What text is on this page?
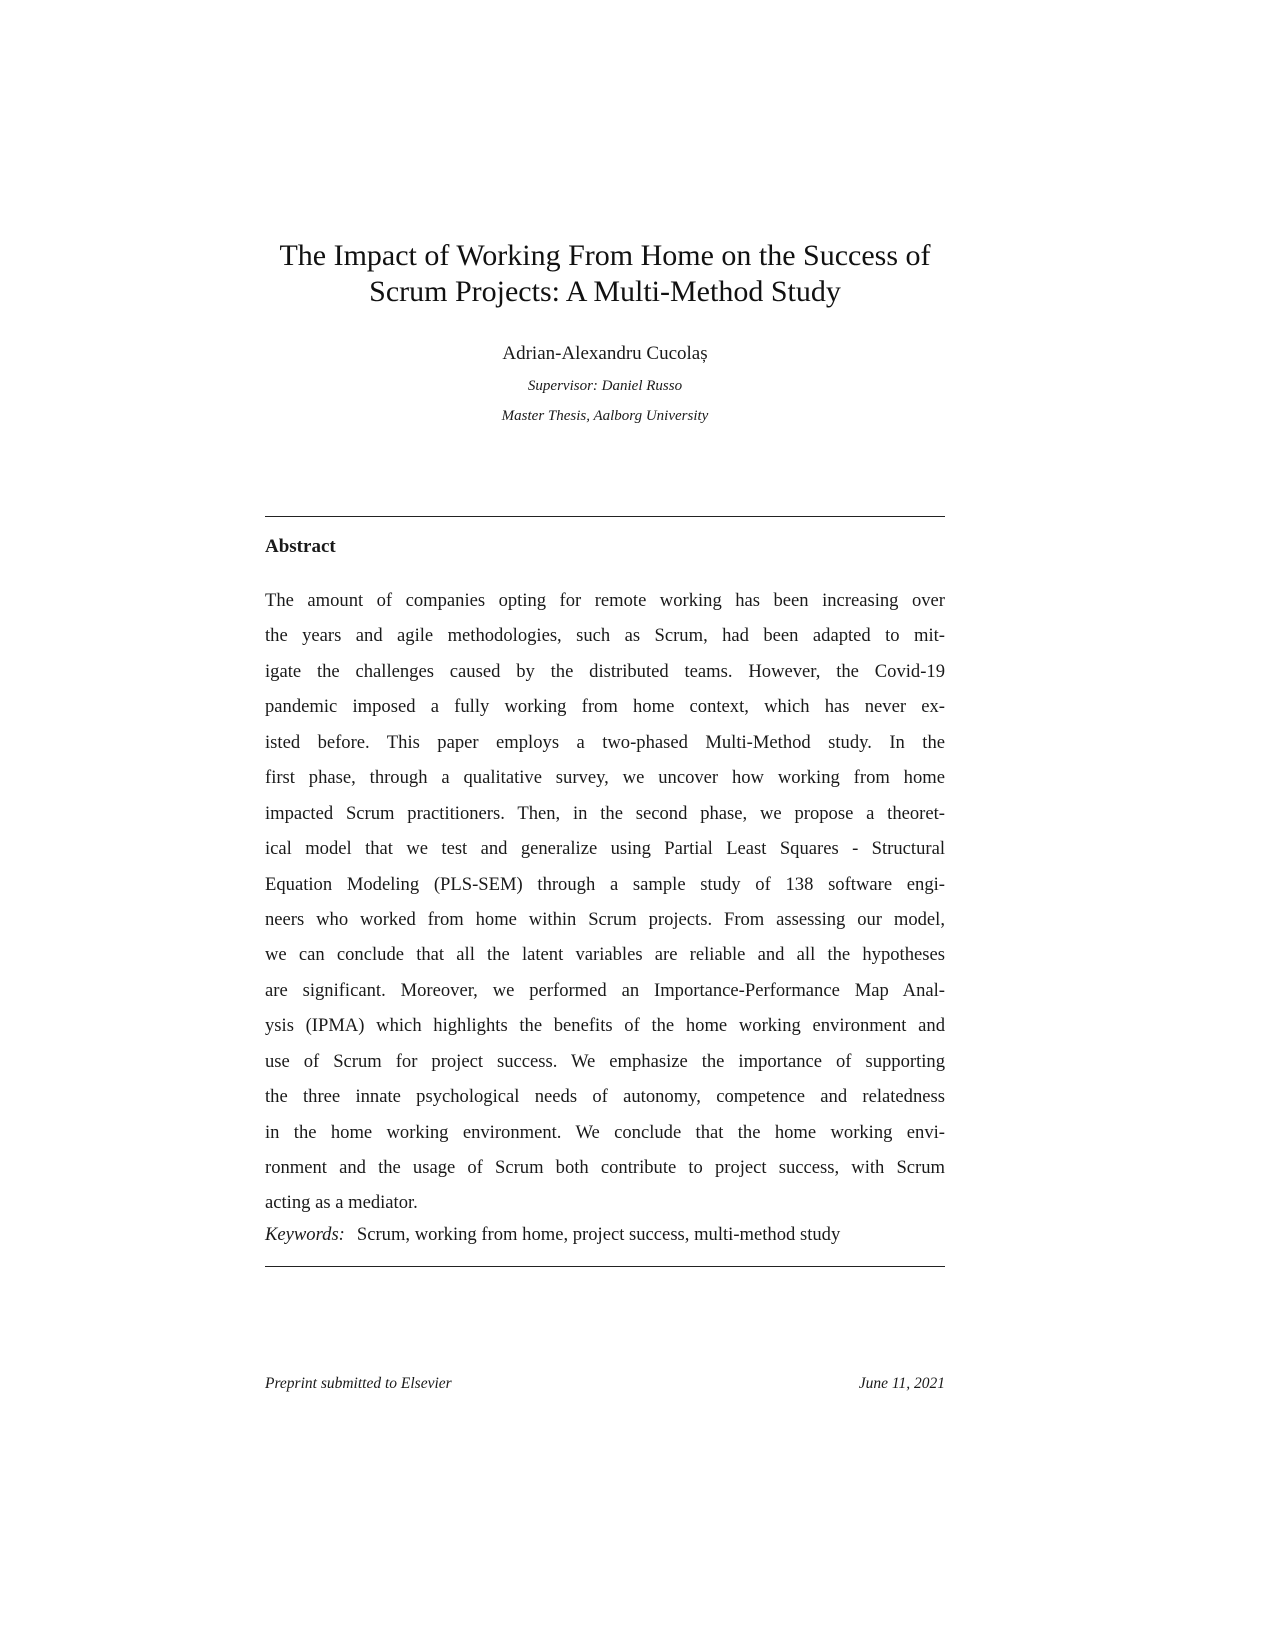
The Impact of Working From Home on the Success of
Scrum Projects: A Multi-Method Study
Adrian-Alexandru Cucolaș
Supervisor: Daniel Russo
Master Thesis, Aalborg University
Abstract
The amount of companies opting for remote working has been increasing over
the years and agile methodologies, such as Scrum, had been adapted to mit-
igate the challenges caused by the distributed teams. However, the Covid-19
pandemic imposed a fully working from home context, which has never ex-
isted before. This paper employs a two-phased Multi-Method study. In the
first phase, through a qualitative survey, we uncover how working from home
impacted Scrum practitioners. Then, in the second phase, we propose a theoret-
ical model that we test and generalize using Partial Least Squares - Structural
Equation Modeling (PLS-SEM) through a sample study of 138 software engi-
neers who worked from home within Scrum projects. From assessing our model,
we can conclude that all the latent variables are reliable and all the hypotheses
are significant. Moreover, we performed an Importance-Performance Map Anal-
ysis (IPMA) which highlights the benefits of the home working environment and
use of Scrum for project success. We emphasize the importance of supporting
the three innate psychological needs of autonomy, competence and relatedness
in the home working environment. We conclude that the home working envi-
ronment and the usage of Scrum both contribute to project success, with Scrum
acting as a mediator.
Keywords: Scrum, working from home, project success, multi-method study
Preprint submitted to Elsevier	June 11, 2021
